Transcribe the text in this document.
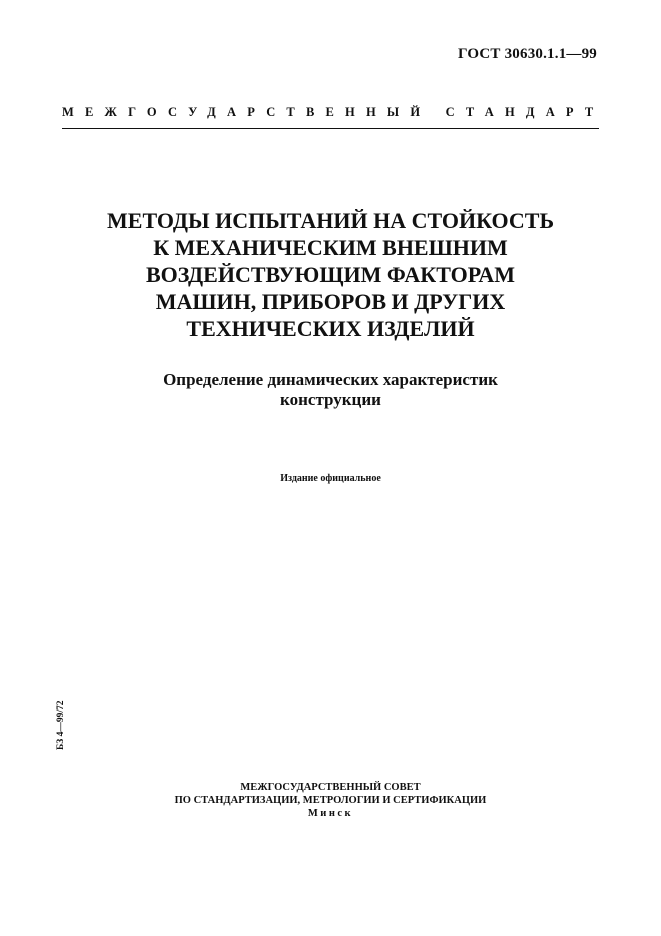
ГОСТ 30630.1.1—99
МЕЖГОСУДАРСТВЕННЫЙ СТАНДАРТ
МЕТОДЫ ИСПЫТАНИЙ НА СТОЙКОСТЬ
К МЕХАНИЧЕСКИМ ВНЕШНИМ
ВОЗДЕЙСТВУЮЩИМ ФАКТОРАМ
МАШИН, ПРИБОРОВ И ДРУГИХ
ТЕХНИЧЕСКИХ ИЗДЕЛИЙ
Определение динамических характеристик
конструкции
Издание официальное
БЗ 4—99/72
МЕЖГОСУДАРСТВЕННЫЙ СОВЕТ
ПО СТАНДАРТИЗАЦИИ, МЕТРОЛОГИИ И СЕРТИФИКАЦИИ
Минск
